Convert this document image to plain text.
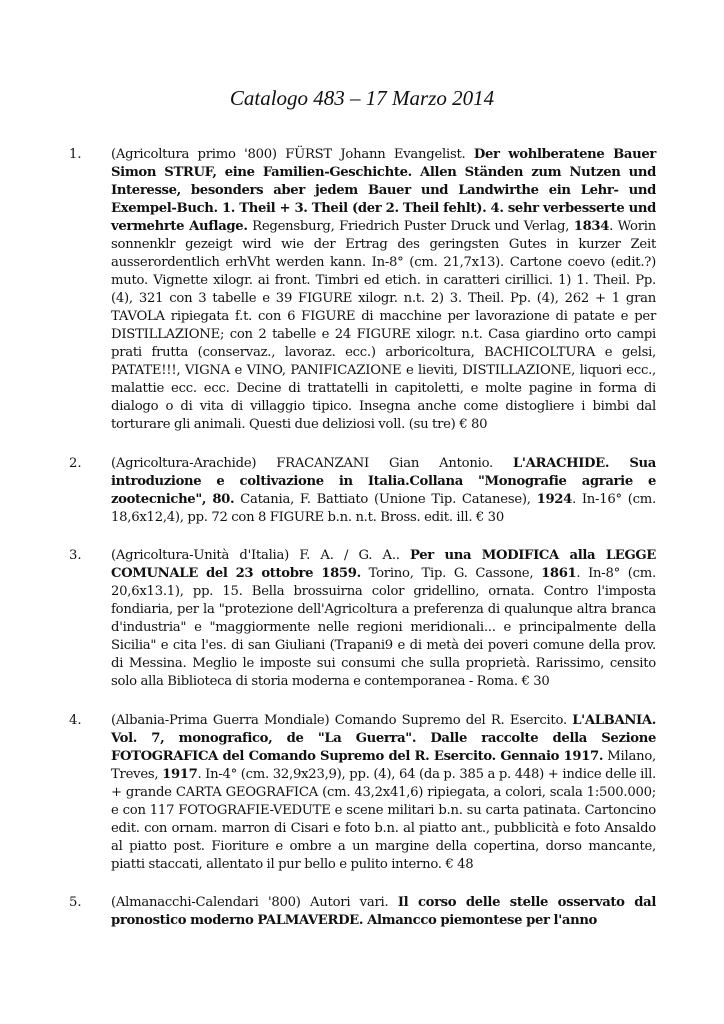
Catalogo 483 – 17 Marzo 2014
1. (Agricoltura primo '800) FÜRST Johann Evangelist. Der wohlberatene Bauer Simon STRUF, eine Familien-Geschichte. Allen Ständen zum Nutzen und Interesse, besonders aber jedem Bauer und Landwirthe ein Lehr- und Exempel-Buch. 1. Theil + 3. Theil (der 2. Theil fehlt). 4. sehr verbesserte und vermehrte Auflage. Regensburg, Friedrich Puster Druck und Verlag, 1834. Worin sonnenklr gezeigt wird wie der Ertrag des geringsten Gutes in kurzer Zeit ausserordentlich erhVht werden kann. In-8° (cm. 21,7x13). Cartone coevo (edit.?) muto. Vignette xilogr. ai front. Timbri ed etich. in caratteri cirillici. 1) 1. Theil. Pp. (4), 321 con 3 tabelle e 39 FIGURE xilogr. n.t. 2) 3. Theil. Pp. (4), 262 + 1 gran TAVOLA ripiegata f.t. con 6 FIGURE di macchine per lavorazione di patate e per DISTILLAZIONE; con 2 tabelle e 24 FIGURE xilogr. n.t. Casa giardino orto campi prati frutta (conservaz., lavoraz. ecc.) arboricoltura, BACHICOLTURA e gelsi, PATATE!!!, VIGNA e VINO, PANIFICAZIONE e lieviti, DISTILLAZIONE, liquori ecc., malattie ecc. ecc. Decine di trattatelli in capitoletti, e molte pagine in forma di dialogo o di vita di villaggio tipico. Insegna anche come distogliere i bimbi dal torturare gli animali. Questi due deliziosi voll. (su tre) € 80
2. (Agricoltura-Arachide) FRACANZANI Gian Antonio. L'ARACHIDE. Sua introduzione e coltivazione in Italia.Collana "Monografie agrarie e zootecniche", 80. Catania, F. Battiato (Unione Tip. Catanese), 1924. In-16° (cm. 18,6x12,4), pp. 72 con 8 FIGURE b.n. n.t. Bross. edit. ill. € 30
3. (Agricoltura-Unità d'Italia) F. A. / G. A.. Per una MODIFICA alla LEGGE COMUNALE del 23 ottobre 1859. Torino, Tip. G. Cassone, 1861. In-8° (cm. 20,6x13.1), pp. 15. Bella brossuirna color gridellino, ornata. Contro l'imposta fondiaria, per la "protezione dell'Agricoltura a preferenza di qualunque altra branca d'industria" e "maggiormente nelle regioni meridionali... e principalmente della Sicilia" e cita l'es. di san Giuliani (Trapani9 e di metà dei poveri comune della prov. di Messina. Meglio le imposte sui consumi che sulla proprietà. Rarissimo, censito solo alla Biblioteca di storia moderna e contemporanea - Roma. € 30
4. (Albania-Prima Guerra Mondiale) Comando Supremo del R. Esercito. L'ALBANIA. Vol. 7, monografico, de "La Guerra". Dalle raccolte della Sezione FOTOGRAFICA del Comando Supremo del R. Esercito. Gennaio 1917. Milano, Treves, 1917. In-4° (cm. 32,9x23,9), pp. (4), 64 (da p. 385 a p. 448) + indice delle ill. + grande CARTA GEOGRAFICA (cm. 43,2x41,6) ripiegata, a colori, scala 1:500.000; e con 117 FOTOGRAFIE-VEDUTE e scene militari b.n. su carta patinata. Cartoncino edit. con ornam. marron di Cisari e foto b.n. al piatto ant., pubblicità e foto Ansaldo al piatto post. Fioriture e ombre a un margine della copertina, dorso mancante, piatti staccati, allentato il pur bello e pulito interno. € 48
5. (Almanacchi-Calendari '800) Autori vari. Il corso delle stelle osservato dal pronostico moderno PALMAVERDE. Almancco piemontese per l'anno
